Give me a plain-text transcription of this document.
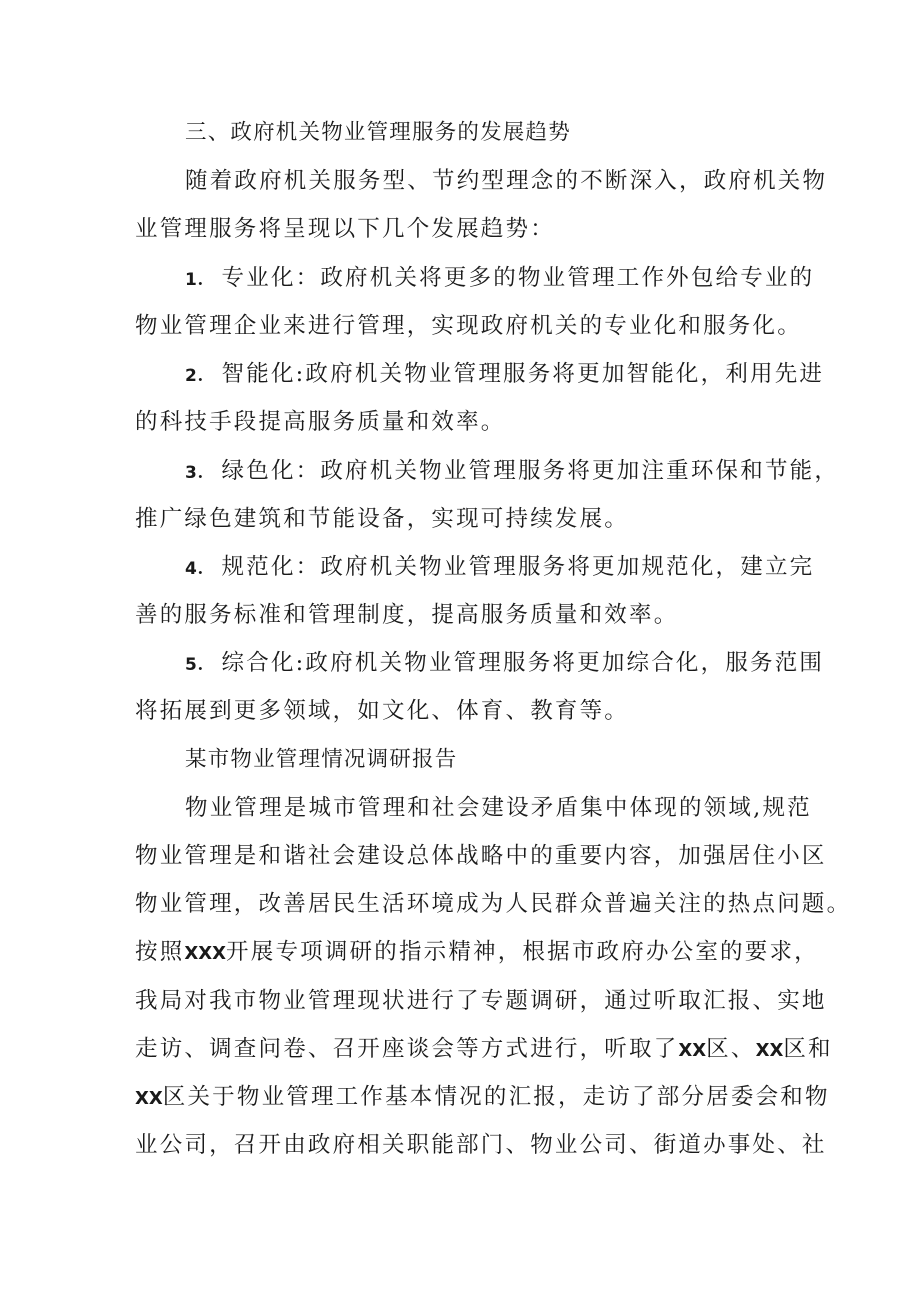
三、政府机关物业管理服务的发展趋势
随着政府机关服务型、节约型理念的不断深入，政府机关物
业管理服务将呈现以下几个发展趋势：
1．专业化：政府机关将更多的物业管理工作外包给专业的
物业管理企业来进行管理，实现政府机关的专业化和服务化。
2．智能化:政府机关物业管理服务将更加智能化，利用先进
的科技手段提高服务质量和效率。
3．绿色化：政府机关物业管理服务将更加注重环保和节能，
推广绿色建筑和节能设备，实现可持续发展。
4．规范化：政府机关物业管理服务将更加规范化，建立完
善的服务标准和管理制度，提高服务质量和效率。
5．综合化:政府机关物业管理服务将更加综合化，服务范围
将拓展到更多领域，如文化、体育、教育等。
某市物业管理情况调研报告
物业管理是城市管理和社会建设矛盾集中体现的领域,规范
物业管理是和谐社会建设总体战略中的重要内容，加强居住小区
物业管理，改善居民生活环境成为人民群众普遍关注的热点问题。
按照XXX开展专项调研的指示精神，根据市政府办公室的要求，
我局对我市物业管理现状进行了专题调研，通过听取汇报、实地
走访、调查问卷、召开座谈会等方式进行，听取了XX区、XX区和
XX区关于物业管理工作基本情况的汇报，走访了部分居委会和物
业公司，召开由政府相关职能部门、物业公司、街道办事处、社
